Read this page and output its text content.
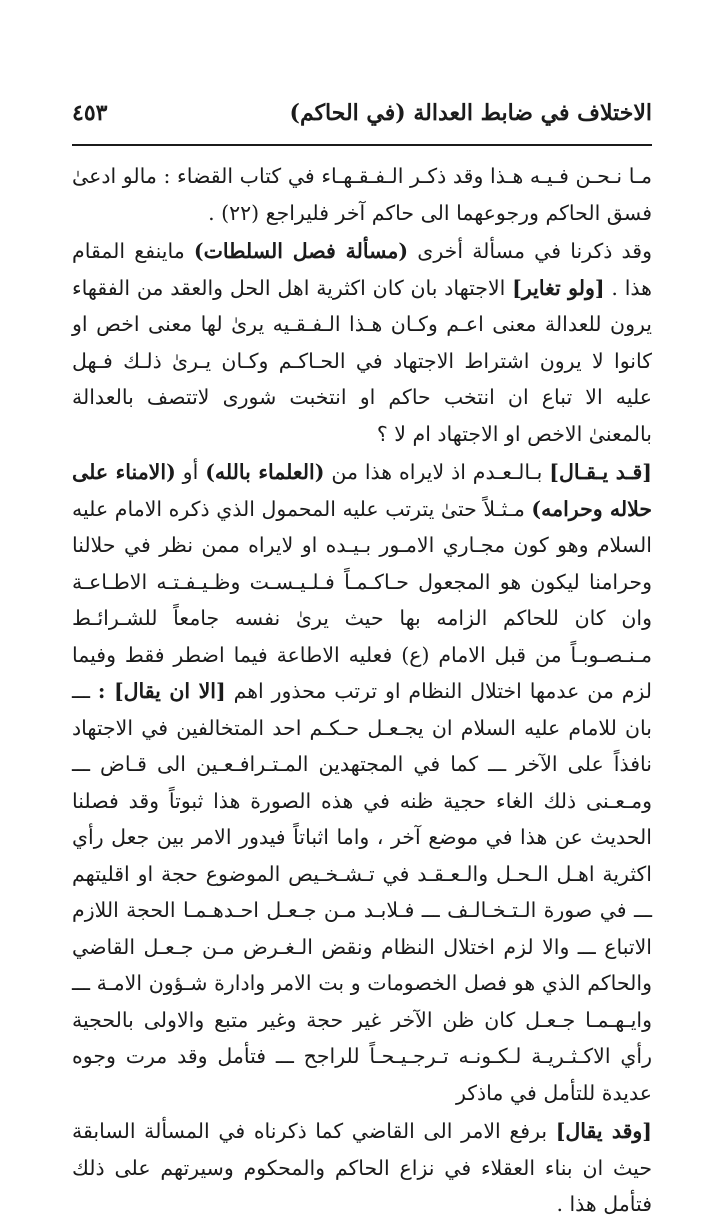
الاختلاف في ضابط العدالة (في الحاكم)
٤٥٣

مـا نـحـن فـيـه هـذا وقد ذكـر الـفـقـهـاء في كتاب القضاء : مالو ادعىٰ فسق الحاكم ورجوعهما الى حاكم آخر فليراجع (٢٢) .

وقد ذكرنا في مسألة أخرى (مسألة فصل السلطات) ماينفع المقام هذا . [ولو تغاير] الاجتهاد بان كان اكثرية اهل الحل والعقد من الفقهاء يرون للعدالة معنى اعـم وكـان هـذا الـفـقـيه يرىٰ لها معنى اخص او كانوا لا يرون اشتراط الاجتهاد في الحـاكـم وكـان يـرىٰ ذلـك فـهل عليه الا تباع ان انتخب حاكم او انتخبت شورى لاتتصف بالعدالة بالمعنىٰ الاخص او الاجتهاد ام لا ؟

[قـد يـقـال] بـالـعـدم اذ لايراه هذا من (العلماء بالله) أو (الامناء على حلاله وحرامه) مـثـلاً حتىٰ يترتب عليه المحمول الذي ذكره الامام عليه السلام وهو كون مجـاري الامـور بـيـده او لايراه ممن نظر في حلالنا وحرامنا ليكون هو المجعول حـاكـمـاً فـلـيـسـت وظـيـفـتـه الاطـاعـة وان كان للحاكم الزامه بها حيث يرىٰ نفسه جامعاً للشـرائـط مـنـصـوبـاً من قبل الامام (ع) فعليه الاطاعة فيما اضطر فقط وفيما لزم من عدمها اختلال النظام او ترتب محذور اهم [الا ان يقال] : ـــ بان للامام عليه السلام ان يجـعـل حـكـم احد المتخالفين في الاجتهاد نافذاً على الآخر ـــ كما في المجتهدين المـتـرافـعـين الى قـاض ـــ ومـعـنى ذلك الغاء حجية ظنه في هذه الصورة هذا ثبوتاً وقد فصلنا الحديث عن هذا في موضع آخر ، واما اثباتاً فيدور الامر بين جعل رأي اكثرية اهـل الـحـل والـعـقـد في تـشـخـيص الموضوع حجة او اقليتهم ـــ في صورة الـتـخـالـف ـــ فـلابـد مـن جـعـل احـدهـمـا الحجة اللازم الاتباع ـــ والا لزم اختلال النظام ونقض الـغـرض مـن جـعـل القاضي والحاكم الذي هو فصل الخصومات و بت الامر وادارة شـؤون الامـة ـــ وايـهـمـا جـعـل كان ظن الآخر غير حجة وغير متبع والاولى بالحجية رأي الاكـثـريـة لـكـونـه تـرجـيـحـاً للراجح ـــ فتأمل وقد مرت وجوه عديدة للتأمل في ماذكر

[وقد يقال] برفع الامر الى القاضي كما ذكرناه في المسألة السابقة حيث ان بناء العقلاء في نزاع الحاكم والمحكوم وسيرتهم على ذلك فتأمل هذا .
